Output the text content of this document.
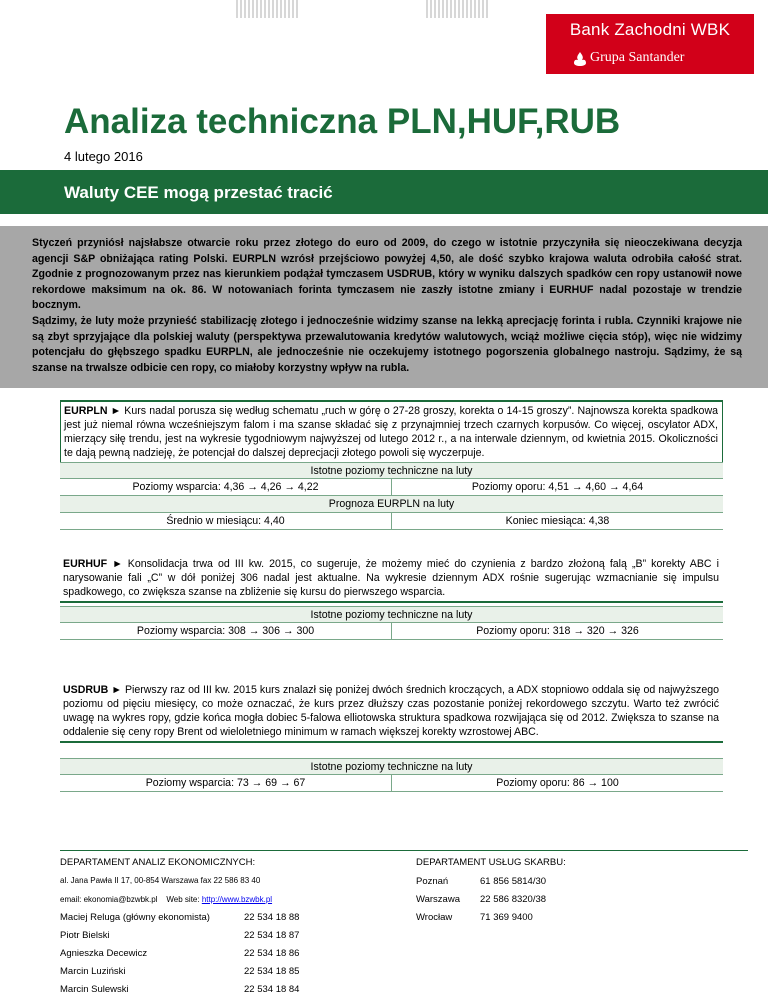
Bank Zachodni WBK
Grupa Santander
Analiza techniczna PLN,HUF,RUB
4 lutego 2016
Waluty CEE mogą przestać tracić

Styczeń przyniósł najsłabsze otwarcie roku przez złotego do euro od 2009, do czego w istotnie przyczyniła się nieoczekiwana decyzja agencji S&P obniżająca rating Polski. EURPLN wzrósł przejściowo powyżej 4,50, ale dość szybko krajowa waluta odrobiła całość strat. Zgodnie z prognozowanym przez nas kierunkiem podążał tymczasem USDRUB, który w wyniku dalszych spadków cen ropy ustanowił nowe rekordowe maksimum na ok. 86. W notowaniach forinta tymczasem nie zaszły istotne zmiany i EURHUF nadal pozostaje w trendzie bocznym.

Sądzimy, że luty może przynieść stabilizację złotego i jednocześnie widzimy szanse na lekką aprecjację forinta i rubla. Czynniki krajowe nie są zbyt sprzyjające dla polskiej waluty (perspektywa przewalutowania kredytów walutowych, wciąż możliwe cięcia stóp), więc nie widzimy potencjału do głębszego spadku EURPLN, ale jednocześnie nie oczekujemy istotnego pogorszenia globalnego nastroju. Sądzimy, że są szanse na trwalsze odbicie cen ropy, co miałoby korzystny wpływ na rubla.

EURPLN ► Kurs nadal porusza się według schematu „ruch w górę o 27-28 groszy, korekta o 14-15 groszy”. Najnowsza korekta spadkowa jest już niemal równa wcześniejszym falom i ma szanse składać się z przynajmniej trzech czarnych korpusów. Co więcej, oscylator ADX, mierzący siłę trendu, jest na wykresie tygodniowym najwyższej od lutego 2012 r., a na interwale dziennym, od kwietnia 2015. Okoliczności te dają pewną nadzieję, że potencjał do dalszej deprecjacji złotego powoli się wyczerpuje.
Istotne poziomy techniczne na luty
Poziomy wsparcia: 4,36 → 4,26 → 4,22	Poziomy oporu: 4,51 → 4,60 → 4,64
Prognoza EURPLN na luty
Średnio w miesiącu: 4,40	Koniec miesiąca: 4,38
EURHUF ► Konsolidacja trwa od III kw. 2015, co sugeruje, że możemy mieć do czynienia z bardzo złożoną falą „B” korekty ABC i narysowanie fali „C” w dół poniżej 306 nadal jest aktualne. Na wykresie dziennym ADX rośnie sugerując wzmacnianie się impulsu spadkowego, co zwiększa szanse na zbliżenie się kursu do pierwszego wsparcia.
Istotne poziomy techniczne na luty
Poziomy wsparcia: 308 → 306 → 300	Poziomy oporu: 318 → 320 → 326
USDRUB ► Pierwszy raz od III kw. 2015 kurs znalazł się poniżej dwóch średnich kroczących, a ADX stopniowo oddala się od najwyższego poziomu od pięciu miesięcy, co może oznaczać, że kurs przez dłuższy czas pozostanie poniżej rekordowego szczytu. Warto też zwrócić uwagę na wykres ropy, gdzie końca mogła dobiec 5-falowa elliotowska struktura spadkowa rozwijająca się od 2012. Zwiększa to szanse na oddalenie się ceny ropy Brent od wieloletniego minimum w ramach większej korekty wzrostowej ABC.
Istotne poziomy techniczne na luty
Poziomy wsparcia: 73 → 69 → 67	Poziomy oporu: 86 → 100
DEPARTAMENT ANALIZ EKONOMICZNYCH:
al. Jana Pawła II 17, 00-854 Warszawa fax 22 586 83 40
email: ekonomia@bzwbk.pl Web site: http://www.bzwbk.pl
Maciej Reluga (główny ekonomista)	22 534 18 88
Piotr Bielski	22 534 18 87
Agnieszka Decewicz	22 534 18 86
Marcin Luziński	22 534 18 85
Marcin Sulewski	22 534 18 84
DEPARTAMENT USŁUG SKARBU:
Poznań	61 856 5814/30
Warszawa 22 586 8320/38
Wrocław	71 369 9400
